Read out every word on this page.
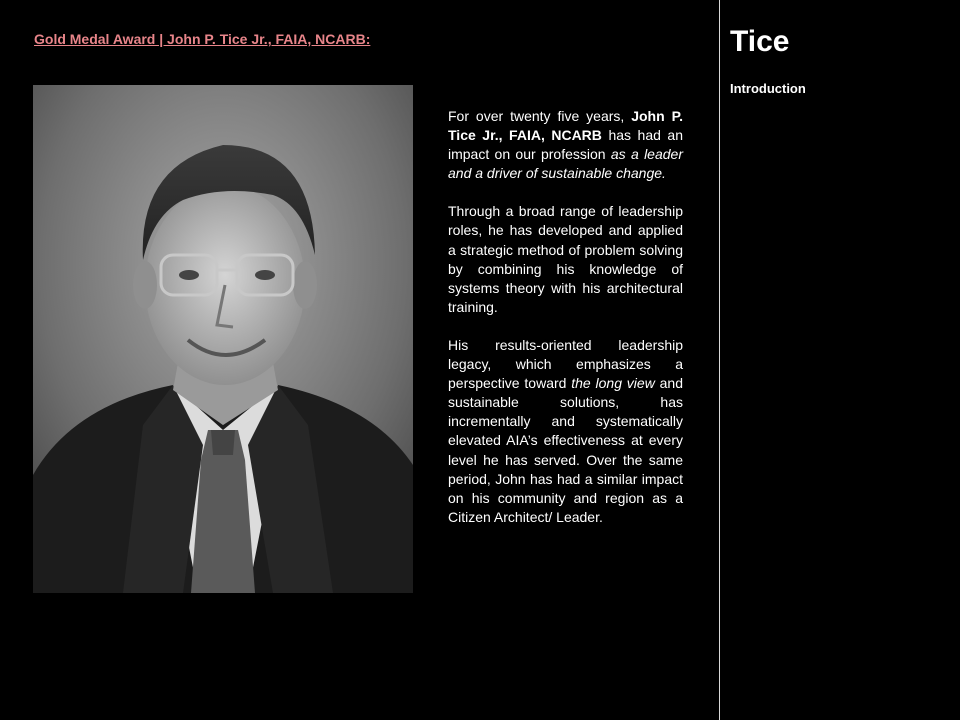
Gold Medal Award | John P. Tice Jr., FAIA, NCARB:

For over twenty five years, John P. Tice Jr., FAIA, NCARB has had an impact on our profession as a leader and a driver of sustainable change.

Through a broad range of leadership roles, he has developed and applied a strategic method of problem solving by combining his knowledge of systems theory with his architectural training.

His results-oriented leadership legacy, which emphasizes a perspective toward the long view and sustainable solutions, has incrementally and systematically elevated AIA’s effectiveness at every level he has served. Over the same period, John has had a similar impact on his community and region as a Citizen Architect/ Leader.

Tice
Introduction
